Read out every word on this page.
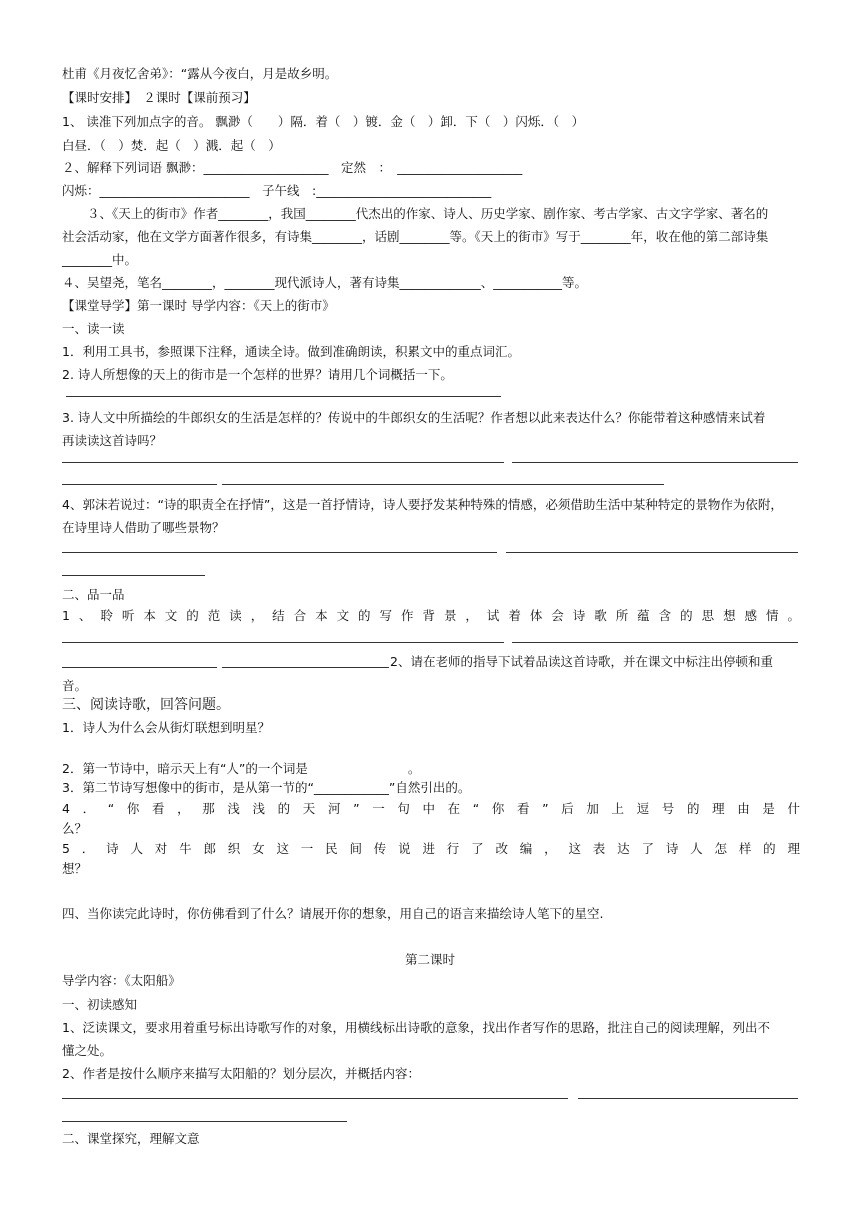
杜甫《月夜忆舍弟》：“露从今夜白，月是故乡明。
【课时安排】　２课时【课前预习】
1、 读准下列加点字的音。 飘渺（　　）隔．着（　）镀．金（　）卸．下（　）闪烁．（　）
白昼．（　）焚．起（　）溅．起（　）
２、解释下列词语 飘渺：____________________　定然　：　____________________
闪烁：________________________　子午线　:____________________________
　　３、《天上的街市》作者________，我国________代杰出的作家、诗人、历史学家、剧作家、考古学家、古文字学家、著名的
社会活动家，他在文学方面著作很多，有诗集________，话剧________等。《天上的街市》写于________年，收在他的第二部诗集
________中。
４、吴望尧，笔名________，________现代派诗人，著有诗集_____________、___________等。
【课堂导学】第一课时 导学内容：《天上的街市》
一、读一读
1．利用工具书，参照课下注释，通读全诗。做到准确朗读，积累文中的重点词汇。
2. 诗人所想像的天上的街市是一个怎样的世界？请用几个词概括一下。
3. 诗人文中所描绘的牛郎织女的生活是怎样的？传说中的牛郎织女的生活呢？作者想以此来表达什么？你能带着这种感情来试着
再读读这首诗吗？
4、郭沫若说过：“诗的职责全在抒情”，这是一首抒情诗，诗人要抒发某种特殊的情感，必须借助生活中某种特定的景物作为依附，
在诗里诗人借助了哪些景物？
二、品一品
1、聆听本文的范读，结合本文的写作背景，试着体会诗歌所蕴含的思想感情。
2、请在老师的指导下试着品读这首诗歌，并在课文中标注出停顿和重
音。
三、阅读诗歌，回答问题。
1．诗人为什么会从街灯联想到明星？
2．第一节诗中，暗示天上有“人”的一个词是　　　　　　　　。
3．第二节诗写想像中的街市，是从第一节的“____________”自然引出的。
4．“你看，那浅浅的天河”一句中在“你看”后加上逗号的理由是什
么？
5．诗人对牛郎织女这一民间传说进行了改编，这表达了诗人怎样的理
想？
四、当你读完此诗时，你仿佛看到了什么？请展开你的想象，用自己的语言来描绘诗人笔下的星空.
第二课时
导学内容：《太阳船》
一、初读感知
1、泛读课文，要求用着重号标出诗歌写作的对象，用横线标出诗歌的意象，找出作者写作的思路，批注自己的阅读理解，列出不
懂之处。
2、作者是按什么顺序来描写太阳船的？划分层次，并概括内容：
二、课堂探究，理解文意
